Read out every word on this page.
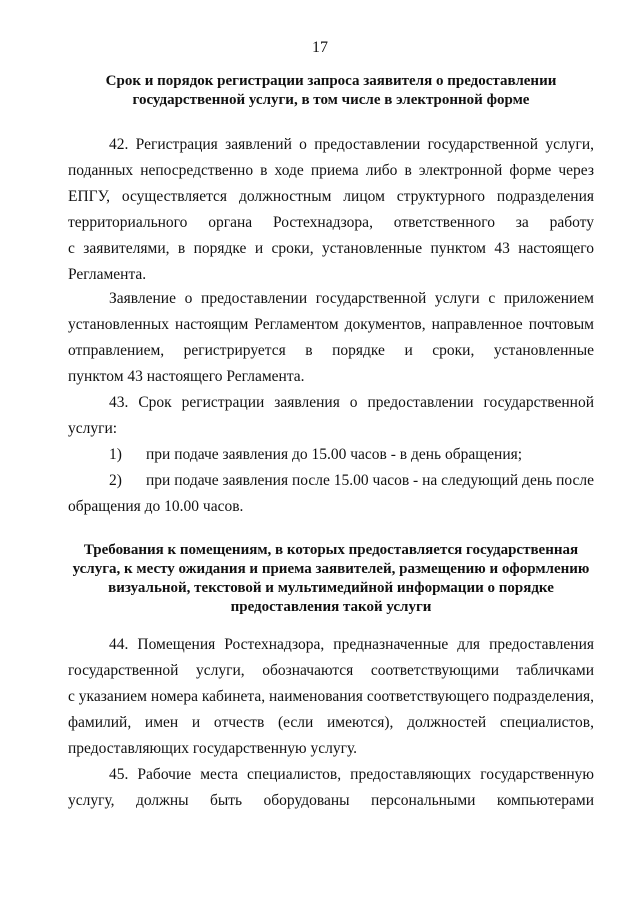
17
Срок и порядок регистрации запроса заявителя о предоставлении
государственной услуги, в том числе в электронной форме

42. Регистрация заявлений о предоставлении государственной услуги,
поданных непосредственно в ходе приема либо в электронной форме через
ЕПГУ, осуществляется должностным лицом структурного подразделения
территориального органа Ростехнадзора, ответственного за работу
с заявителями, в порядке и сроки, установленные пунктом 43 настоящего
Регламента.

Заявление о предоставлении государственной услуги с приложением
установленных настоящим Регламентом документов, направленное почтовым
отправлением, регистрируется в порядке и сроки, установленные
пунктом 43 настоящего Регламента.

43. Срок регистрации заявления о предоставлении государственной
услуги:

1) при подаче заявления до 15.00 часов - в день обращения;
2) при подаче заявления после 15.00 часов - на следующий день после

обращения до 10.00 часов.

Требования к помещениям, в которых предоставляется государственная
услуга, к месту ожидания и приема заявителей, размещению и оформлению
визуальной, текстовой и мультимедийной информации о порядке
предоставления такой услуги

44. Помещения Ростехнадзора, предназначенные для предоставления
государственной услуги, обозначаются соответствующими табличками
с указанием номера кабинета, наименования соответствующего подразделения,
фамилий, имен и отчеств (если имеются), должностей специалистов,
предоставляющих государственную услугу.

45. Рабочие места специалистов, предоставляющих государственную
услугу, должны быть оборудованы персональными компьютерами
